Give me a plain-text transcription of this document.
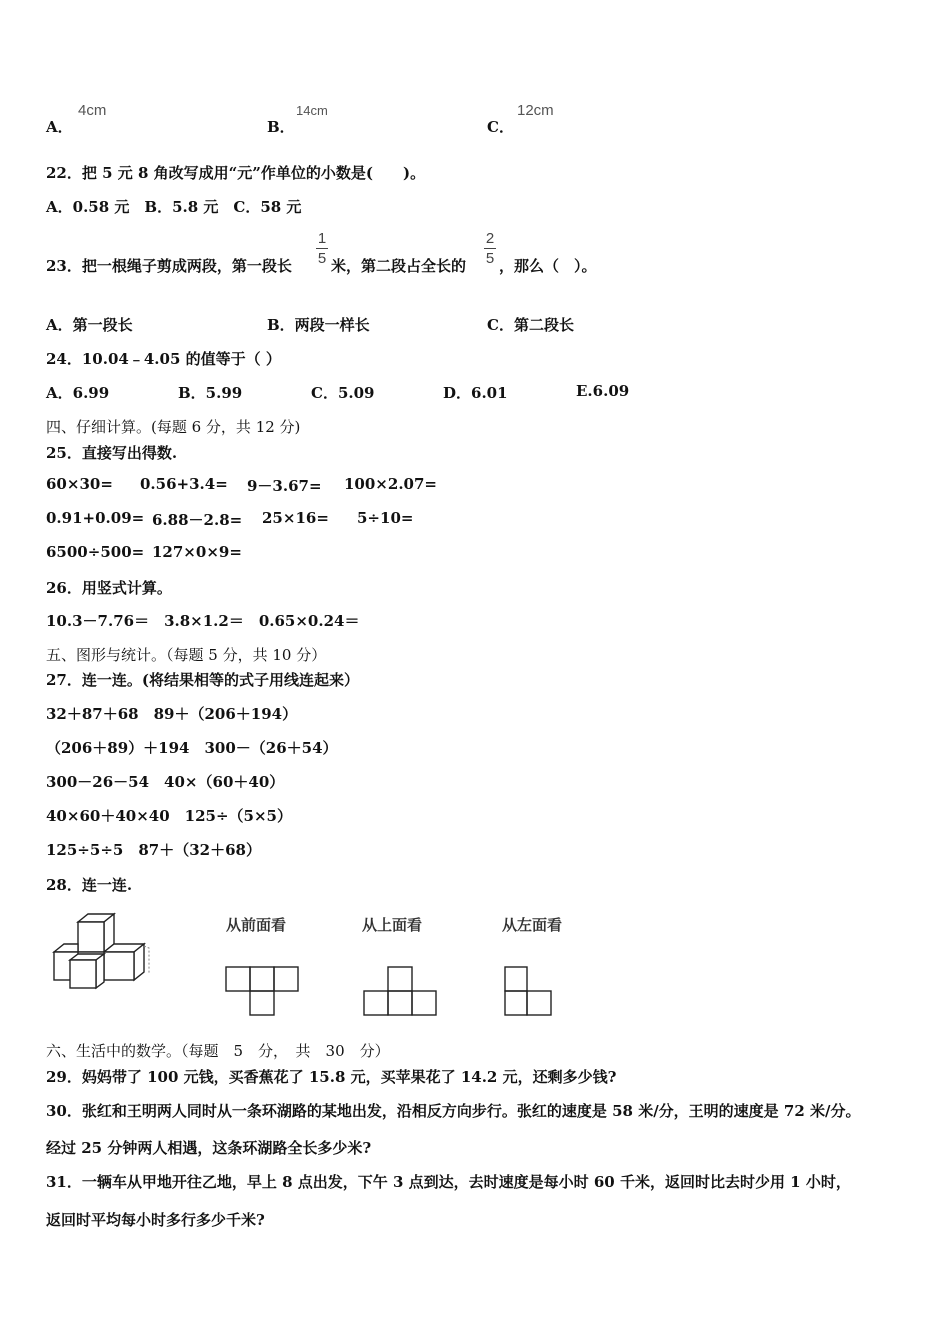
A．
4cm
B．
14cm
C．
12cm
22．把 5 元 8 角改写成用“元”作单位的小数是(　　)。
A．0.58 元　B．5.8 元　C．58 元
23．把一根绳子剪成两段，第一段长
1
5 米，第二段占全长的
2
5 ，那么（　）。
A．第一段长	B．两段一样长	C．第二段长
24．10.04﹣4.05 的值等于（ ）
A．6.99	B．5.99	C．5.09	D．6.01	E.6.09
四、仔细计算。(每题 6 分，共 12 分)
25．直接写出得数.
60×30= 0.56+3.4= 9－3.67= 100×2.07=
0.91+0.09= 6.88－2.8= 25×16= 5÷10=
6500÷500= 127×0×9=
26．用竖式计算。
10.3－7.76＝　3.8×1.2＝　0.65×0.24＝
五、图形与统计。（每题 5 分，共 10 分）
27．连一连。(将结果相等的式子用线连起来）
32＋87＋68　89＋（206＋194）
（206＋89）＋194　300－（26＋54）
300－26－54　40×（60＋40）
40×60＋40×40　125÷（5×5）
125÷5÷5　87＋（32＋68）
28．连一连.
从前面看	从上面看	从左面看
六、生活中的数学。（每题　5　分，　共　30　分）
29．妈妈带了 100 元钱，买香蕉花了 15.8 元，买苹果花了 14.2 元，还剩多少钱?
30．张红和王明两人同时从一条环湖路的某地出发，沿相反方向步行。张红的速度是 58 米/分，王明的速度是 72 米/分。
经过 25 分钟两人相遇，这条环湖路全长多少米?
31．一辆车从甲地开往乙地，早上 8 点出发，下午 3 点到达，去时速度是每小时 60 千米，返回时比去时少用 1 小时，
返回时平均每小时多行多少千米?
